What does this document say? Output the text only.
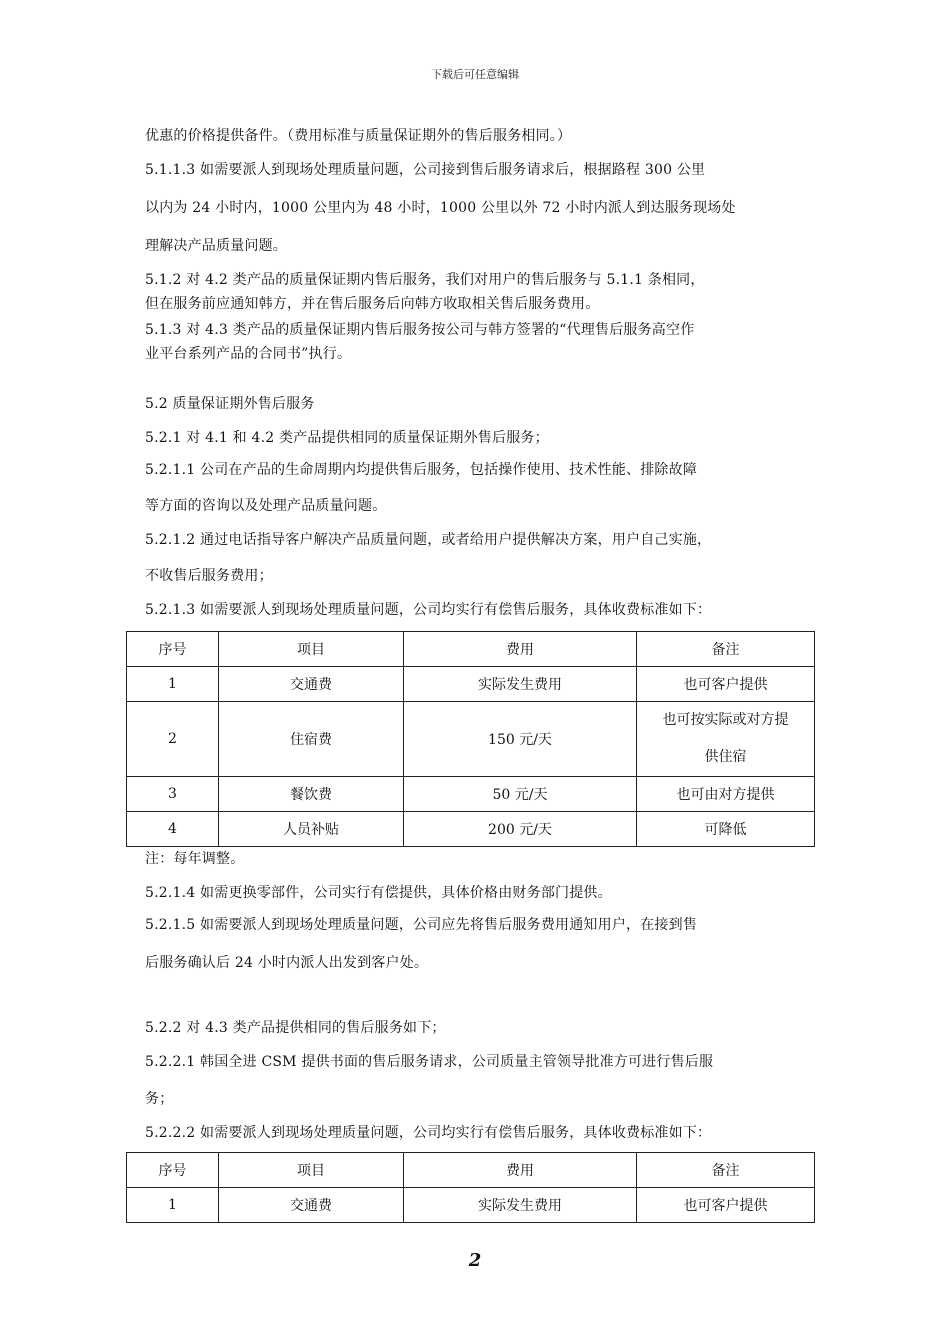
下载后可任意编辑
优惠的价格提供备件。（费用标准与质量保证期外的售后服务相同。）
5.1.1.3 如需要派人到现场处理质量问题，公司接到售后服务请求后，根据路程 300 公里
以内为 24 小时内，1000 公里内为 48 小时，1000 公里以外 72 小时内派人到达服务现场处
理解决产品质量问题。
5.1.2 对 4.2 类产品的质量保证期内售后服务，我们对用户的售后服务与 5.1.1 条相同，
但在服务前应通知韩方，并在售后服务后向韩方收取相关售后服务费用。
5.1.3 对 4.3 类产品的质量保证期内售后服务按公司与韩方签署的“代理售后服务高空作
业平台系列产品的合同书”执行。
5.2 质量保证期外售后服务
5.2.1 对 4.1 和 4.2 类产品提供相同的质量保证期外售后服务；
5.2.1.1 公司在产品的生命周期内均提供售后服务，包括操作使用、技术性能、排除故障
等方面的咨询以及处理产品质量问题。
5.2.1.2 通过电话指导客户解决产品质量问题，或者给用户提供解决方案，用户自己实施，
不收售后服务费用；
5.2.1.3 如需要派人到现场处理质量问题，公司均实行有偿售后服务，具体收费标准如下：
序号	项目	费用	备注
1	交通费	实际发生费用	也可客户提供
2	住宿费	150 元/天	也可按实际或对方提
供住宿

3	餐饮费	50 元/天	也可由对方提供
4	人员补贴	200 元/天	可降低
注：每年调整。
5.2.1.4 如需更换零部件，公司实行有偿提供，具体价格由财务部门提供。
5.2.1.5 如需要派人到现场处理质量问题，公司应先将售后服务费用通知用户，在接到售
后服务确认后 24 小时内派人出发到客户处。
5.2.2 对 4.3 类产品提供相同的售后服务如下；
5.2.2.1 韩国全进 CSM 提供书面的售后服务请求，公司质量主管领导批准方可进行售后服
务；
5.2.2.2 如需要派人到现场处理质量问题，公司均实行有偿售后服务，具体收费标准如下：
序号	项目	费用	备注
1	交通费	实际发生费用	也可客户提供
2
